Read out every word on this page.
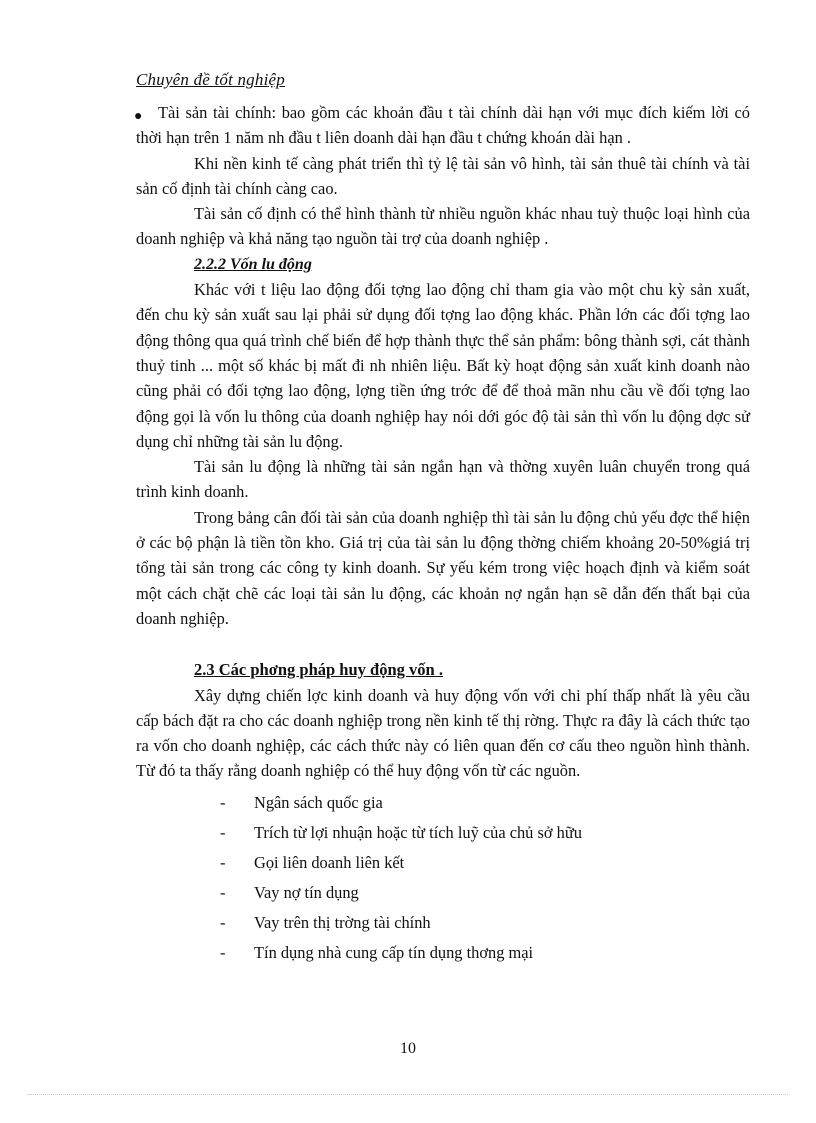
Chuyên đề tốt nghiệp
● Tài sản tài chính: bao gồm các khoản đầu t tài chính dài hạn với mục đích kiếm lời có thời hạn trên 1 năm nh đầu t liên doanh dài hạn đầu t chứng khoán dài hạn .

Khi nền kinh tế càng phát triển thì tỷ lệ tài sản vô hình, tài sản thuê tài chính và tài sản cố định tài chính càng cao.

Tài sản cố định có thể hình thành từ nhiều nguồn khác nhau tuỳ thuộc loại hình của doanh nghiệp và khả năng tạo nguồn tài trợ của doanh nghiệp .

2.2.2 Vốn lu động

Khác với t liệu lao động đối tợng lao động chỉ tham gia vào một chu kỳ sản xuất, đến chu kỳ sản xuất sau lại phải sử dụng đối tợng lao động khác. Phần lớn các đối tợng lao động thông qua quá trình chế biến để hợp thành thực thể sản phẩm: bông thành sợi, cát thành thuỷ tinh ... một số khác bị mất đi nh nhiên liệu. Bất kỳ hoạt động sản xuất kinh doanh nào cũng phải có đối tợng lao động, lợng tiền ứng trớc để để thoả mãn nhu cầu về đối tợng lao động gọi là vốn lu thông của doanh nghiệp hay nói dới góc độ tài sản thì vốn lu động dợc sử dụng chỉ những tài sản lu động.

Tài sản lu động là những tài sản ngắn hạn và thờng xuyên luân chuyển trong quá trình kinh doanh.

Trong bảng cân đối tài sản của doanh nghiệp thì tài sản lu động chủ yếu đợc thể hiện ở các bộ phận là tiền tồn kho. Giá trị của tài sản lu động thờng chiếm khoảng 20-50%giá trị tổng tài sản trong các công ty kinh doanh. Sự yếu kém trong việc hoạch định và kiểm soát một cách chặt chẽ các loại tài sản lu động, các khoản nợ ngắn hạn sẽ dẫn đến thất bại của doanh nghiệp.

2.3 Các phơng pháp huy động vốn .

Xây dựng chiến lợc kinh doanh và huy động vốn với chi phí thấp nhất là yêu cầu cấp bách đặt ra cho các doanh nghiệp trong nền kinh tế thị rờng. Thực ra đây là cách thức tạo ra vốn cho doanh nghiệp, các cách thức này có liên quan đến cơ cấu theo nguồn hình thành. Từ đó ta thấy rằng doanh nghiệp có thể huy động vốn từ các nguồn.

- Ngân sách quốc gia
- Trích từ lợi nhuận hoặc từ tích luỹ của chủ sở hữu
- Gọi liên doanh liên kết
- Vay nợ tín dụng
- Vay trên thị trờng tài chính
- Tín dụng nhà cung cấp tín dụng thơng mại
10
